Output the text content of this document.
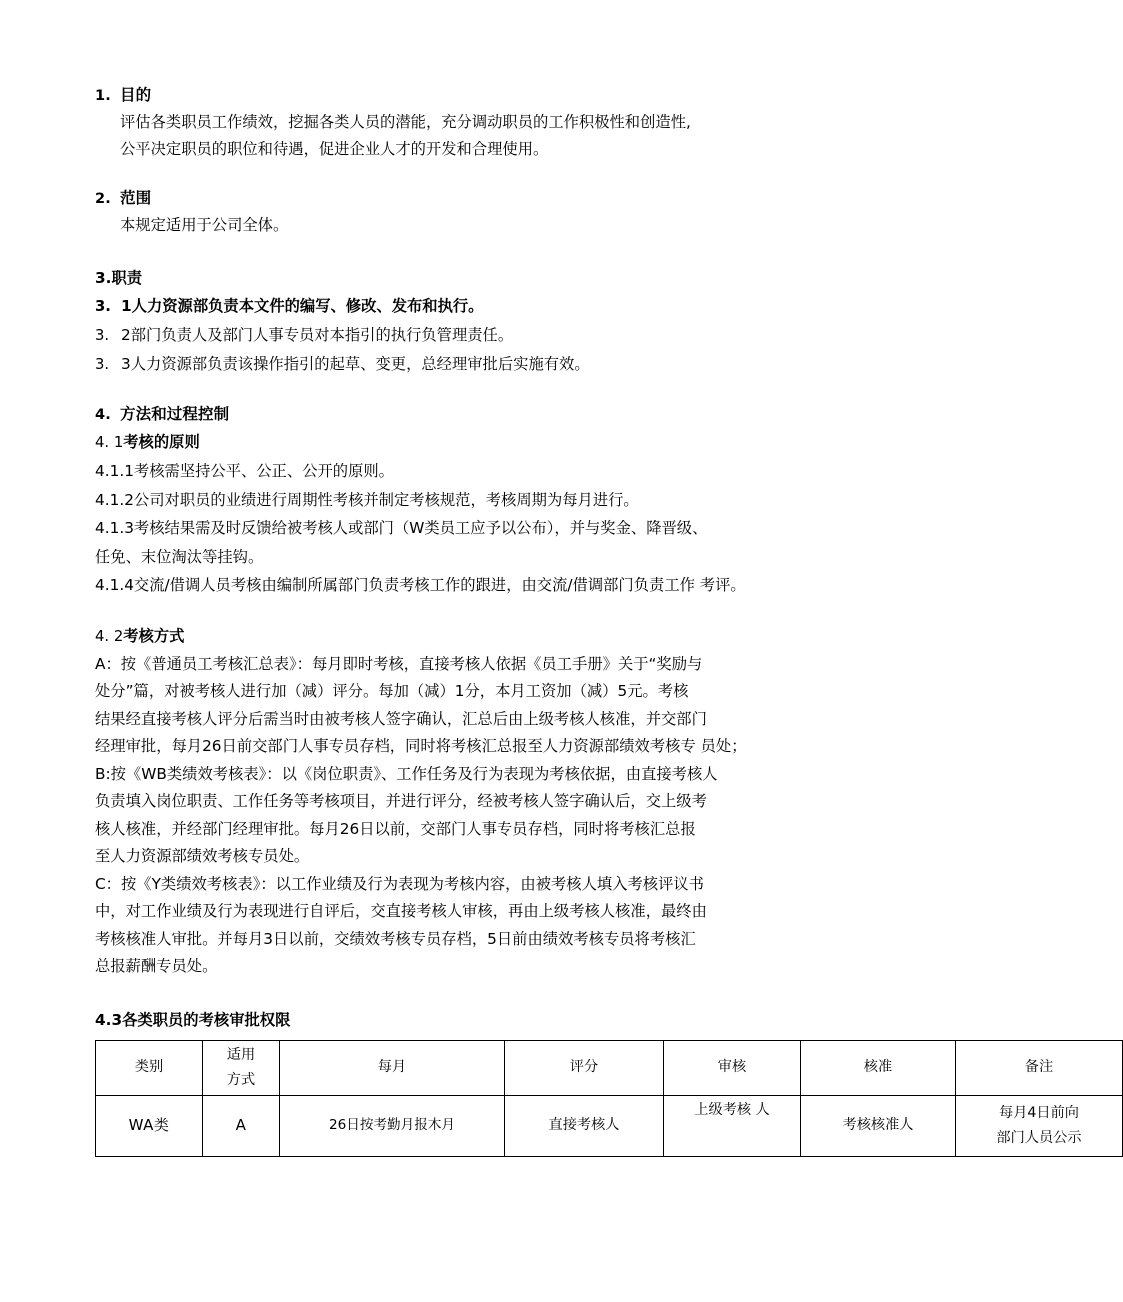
1. 目的

评估各类职员工作绩效，挖掘各类人员的潜能，充分调动职员的工作积极性和创造性,

公平决定职员的职位和待遇，促进企业人才的开发和合理使用。

2. 范围

本规定适用于公司全体。

3.职责
3. 1人力资源部负责本文件的编写、修改、发布和执行。
3. 2部门负责人及部门人事专员对本指引的执行负管理责任。
3. 3人力资源部负责该操作指引的起草、变更，总经理审批后实施有效。
4. 方法和过程控制
4. 1考核的原则
4.1.1考核需坚持公平、公正、公开的原则。
4.1.2公司对职员的业绩进行周期性考核并制定考核规范，考核周期为每月进行。
4.1.3考核结果需及时反馈给被考核人或部门（W类员工应予以公布），并与奖金、降晋级、
任免、末位淘汰等挂钩。
4.1.4交流/借调人员考核由编制所属部门负责考核工作的跟进，由交流/借调部门负责工作 考评。
4. 2考核方式
A：按《普通员工考核汇总表》：每月即时考核，直接考核人依据《员工手册》关于“奖励与
处分”篇，对被考核人进行加（减）评分。每加（减）1分，本月工资加（减）5元。考核
结果经直接考核人评分后需当时由被考核人签字确认，汇总后由上级考核人核准，并交部门
经理审批，每月26日前交部门人事专员存档，同时将考核汇总报至人力资源部绩效考核专 员处；
B:按《WB类绩效考核表》：以《岗位职责》、工作任务及行为表现为考核依据，由直接考核人
负责填入岗位职责、工作任务等考核项目，并进行评分，经被考核人签字确认后，交上级考
核人核准，并经部门经理审批。每月26日以前，交部门人事专员存档，同时将考核汇总报
至人力资源部绩效考核专员处。
C：按《Y类绩效考核表》：以工作业绩及行为表现为考核内容，由被考核人填入考核评议书
中，对工作业绩及行为表现进行自评后，交直接考核人审核，再由上级考核人核准，最终由
考核核准人审批。并每月3日以前，交绩效考核专员存档，5日前由绩效考核专员将考核汇
总报薪酬专员处。
4.3各类职员的考核审批权限
类别	适用
方式	每月	评分	审核	核准	备注
WA类	A	26日按考勤月报木月	直接考核人	上级考核 人	考核核准人	每月4日前向
部门人员公示
